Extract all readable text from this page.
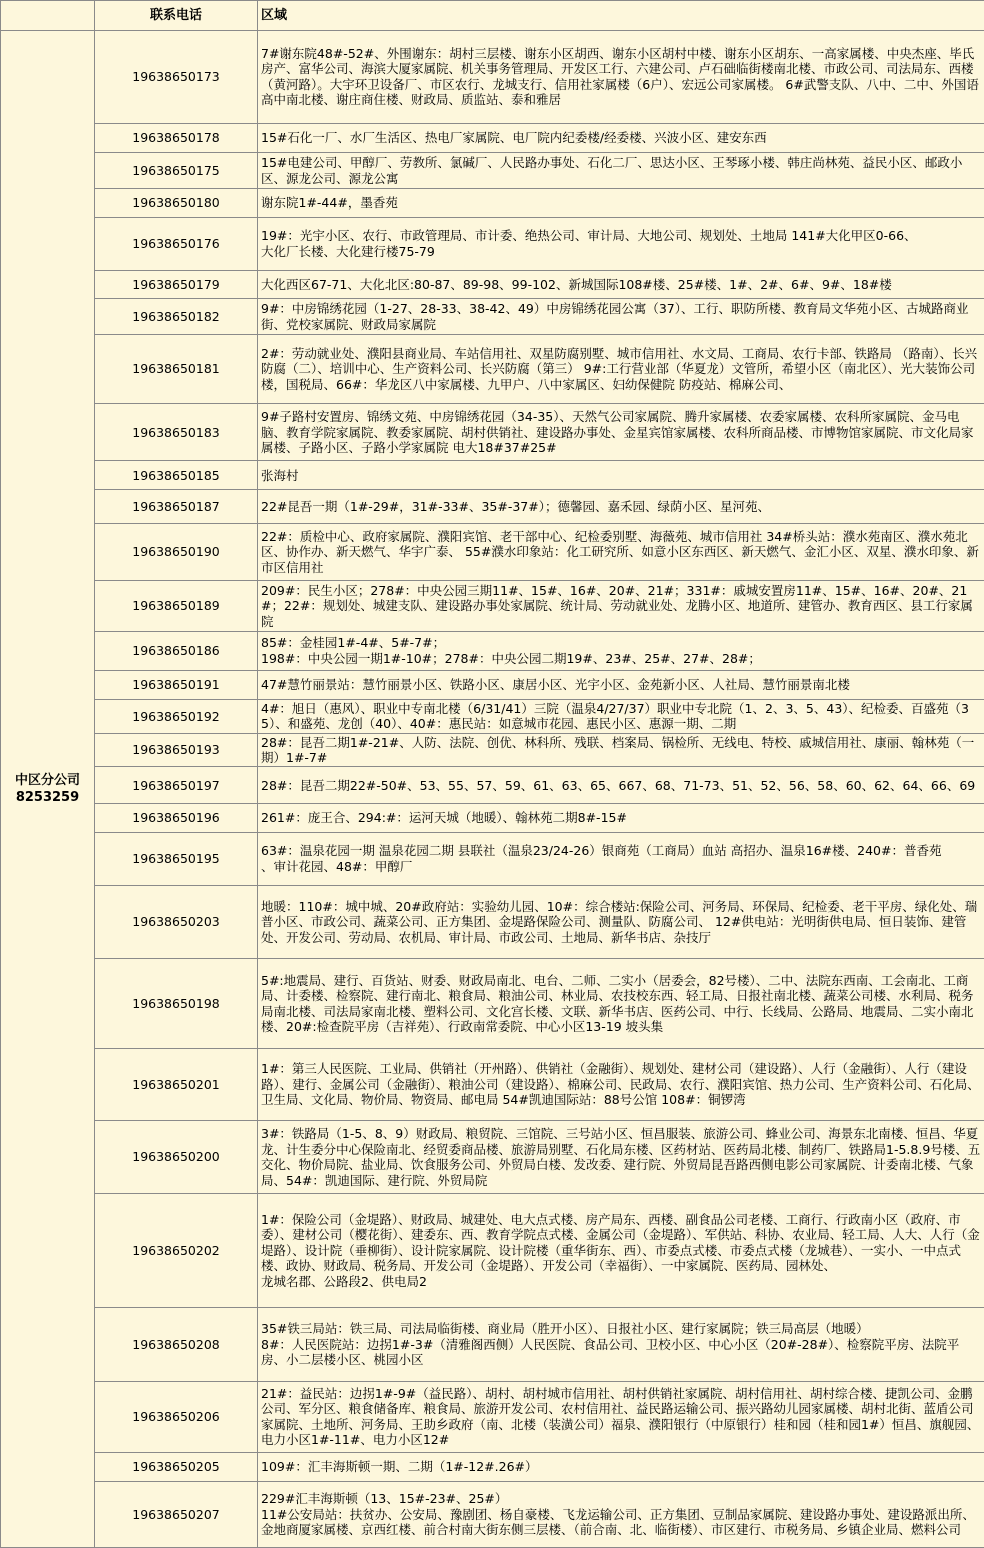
	联系电话	区域

中区分公司
8253259	19638650173	7#谢东院48#-52#、外围谢东：胡村三层楼、谢东小区胡西、谢东小区胡村中楼、谢东小区胡东、一高家属楼、中央杰座、毕氏房产、富华公司、海滨大厦家属院、机关事务管理局、开发区工行、六建公司、卢石础临街楼南北楼、市政公司、司法局东、西楼（黄河路）。大宇环卫设备厂、市区农行、龙城支行、信用社家属楼（6户）、宏远公司家属楼。 6#武警支队、八中、二中、外国语高中南北楼、谢庄商住楼、财政局、质监站、泰和雅居
	19638650178	15#石化一厂、水厂生活区、热电厂家属院、电厂院内纪委楼/经委楼、兴波小区、建安东西
	19638650175	15#电建公司、甲醇厂、劳教所、氯碱厂、人民路办事处、石化二厂、思达小区、王琴琢小楼、韩庄尚林苑、益民小区、邮政小区、源龙公司、源龙公寓
	19638650180	谢东院1#-44#，墨香苑
	19638650176	19#：光宇小区、农行、市政管理局、市计委、绝热公司、审计局、大地公司、规划处、土地局 141#大化甲区0-66、
大化厂长楼、大化建行楼75-79
	19638650179	大化西区67-71、大化北区:80-87、89-98、99-102、新城国际108#楼、25#楼、1#、2#、6#、9#、18#楼
	19638650182	9#：中房锦绣花园（1-27、28-33、38-42、49）中房锦绣花园公寓（37）、工行、职防所楼、教育局文华苑小区、古城路商业街、党校家属院、财政局家属院
	19638650181	2#：劳动就业处、濮阳县商业局、车站信用社、双星防腐别墅、城市信用社、水文局、工商局、农行卡部、铁路局 （路南）、长兴防腐（二）、培训中心、生产资料公司、长兴防腐（第三） 9#:工行营业部（华夏龙）文管所，希望小区（南北区）、光大装饰公司楼，国税局、66#：华龙区八中家属楼、九甲户、八中家属区、妇幼保健院 防疫站、棉麻公司、
	19638650183	9#子路村安置房、锦绣文苑、中房锦绣花园（34-35）、天然气公司家属院、腾升家属楼、农委家属楼、农科所家属院、金马电脑、教育学院家属院、教委家属院、胡村供销社、建设路办事处、金星宾馆家属楼、农科所商品楼、市博物馆家属院、市文化局家属楼、子路小区、子路小学家属院 电大18#37#25#
	19638650185	张海村
	19638650187	22#昆吾一期（1#-29#，31#-33#、35#-37#）；德馨园、嘉禾园、绿荫小区、星河苑、
	19638650190	22#：质检中心、政府家属院、濮阳宾馆、老干部中心、纪检委别墅、海薇苑、城市信用社 34#桥头站：濮水苑南区、濮水苑北区、协作办、新天燃气、华宇广泰、 55#濮水印象站：化工研究所、如意小区东西区、新天燃气、金汇小区、双星、濮水印象、新市区信用社
	19638650189	209#：民生小区；278#：中央公园三期11#、15#、16#、20#、21#；331#：戚城安置房11#、15#、16#、20#、21#；22#：规划处、城建支队、建设路办事处家属院、统计局、劳动就业处、龙腾小区、地道所、建管办、教育西区、县工行家属院
	19638650186	85#：金桂园1#-4#、5#-7#；
198#：中央公园一期1#-10#；278#：中央公园二期19#、23#、25#、27#、28#；
	19638650191	47#慧竹丽景站：慧竹丽景小区、铁路小区、康居小区、光宇小区、金苑新小区、人社局、慧竹丽景南北楼
	19638650192	4#：旭日（惠风）、职业中专南北楼（6/31/41）三院（温泉4/27/37）职业中专北院（1、2、3、5、43）、纪检委、百盛苑（35）、和盛苑、龙创（40）、40#：惠民站：如意城市花园、惠民小区、惠源一期、二期
	19638650193	28#：昆吾二期1#-21#、人防、法院、创优、林科所、残联、档案局、锅检所、无线电、特校、戚城信用社、康丽、翰林苑（一期）1#-7#
	19638650197	28#：昆吾二期22#-50#、53、55、57、59、61、63、65、667、68、71-73、51、52、56、58、60、62、64、66、69
	19638650196	261#：庞王合、294:#：运河天城（地暖）、翰林苑二期8#-15#
	19638650195	63#：温泉花园一期 温泉花园二期 县联社（温泉23/24-26）银商苑（工商局）血站 高招办、温泉16#楼、240#：普香苑
、审计花园、48#：甲醇厂
	19638650203	地暖：110#：城中城、20#政府站：实验幼儿园、10#：综合楼站:保险公司、河务局、环保局、纪检委、老干平房、绿化处、瑞普小区、市政公司、蔬菜公司、正方集团、金堤路保险公司、测量队、防腐公司、 12#供电站：光明街供电局、恒日装饰、建管处、开发公司、劳动局、农机局、审计局、市政公司、土地局、新华书店、杂技厅
	19638650198	5#:地震局、建行、百货站、财委、财政局南北、电台、二师、二实小（居委会，82号楼）、二中、法院东西南、工会南北、工商局、计委楼、检察院、建行南北、粮食局、粮油公司、林业局、农技校东西、轻工局、日报社南北楼、蔬菜公司楼、水利局、税务局南北楼、司法局家南北楼、塑料公司、文化宫长楼、文联、新华书店、医药公司、中行、长线局、公路局、地震局、二实小南北楼、20#:检查院平房（吉祥苑）、行政南常委院、中心小区13-19 坡头集
	19638650201	1#：第三人民医院、工业局、供销社（开州路）、供销社（金融街）、规划处、建材公司（建设路）、人行（金融街）、人行（建设路）、建行、金属公司（金融街）、粮油公司（建设路）、棉麻公司、民政局、农行、濮阳宾馆、热力公司、生产资料公司、石化局、卫生局、文化局、物价局、物资局、邮电局 54#凯迪国际站：88号公馆 108#：铜锣湾
	19638650200	3#：铁路局（1-5、8、9）财政局、粮贸院、三馆院、三号站小区、恒昌服装、旅游公司、蜂业公司、海景东北南楼、恒昌、华夏龙、计生委分中心保险南北、经贸委商品楼、旅游局别墅、石化局东楼、区药材站、医药局北楼、制药厂、铁路局1-5.8.9号楼、五交化、物价局院、盐业局、饮食服务公司、外贸局白楼、发改委、建行院、外贸局昆吾路西侧电影公司家属院、计委南北楼、气象局、54#：凯迪国际、建行院、外贸局院
	19638650202	1#：保险公司（金堤路）、财政局、城建处、电大点式楼、房产局东、西楼、副食品公司老楼、工商行、行政南小区（政府、市委）、建材公司（樱花街）、建委东、西、教育学院点式楼、金属公司（金堤路）、军供站、科协、农业局、轻工局、人大、人行（金堤路）、设计院（垂柳街）、设计院家属院、设计院楼（重华街东、西）、市委点式楼、市委点式楼（龙城巷）、一实小、一中点式楼、政协、财政局、税务局、开发公司（金堤路）、开发公司（幸福街）、一中家属院、医药局、园林处、
龙城名郡、公路段2、供电局2
	19638650208	35#铁三局站：铁三局、司法局临街楼、商业局（胜开小区）、日报社小区、建行家属院；铁三局高层（地暖）
8#：人民医院站：边拐1#-3#（清雅阁西侧）人民医院、食品公司、卫校小区、中心小区（20#-28#）、检察院平房、法院平房、小二层楼小区、桃园小区
	19638650206	21#：益民站：边拐1#-9#（益民路）、胡村、胡村城市信用社、胡村供销社家属院、胡村信用社、胡村综合楼、捷凯公司、金鹏公司、军分区、粮食储备库、粮食局、旅游开发公司、农村信用社、益民路运输公司、振兴路幼儿园家属楼、胡村北街、蓝盾公司家属院、土地所、河务局、王助乡政府（南、北楼（装潢公司）福泉、濮阳银行（中原银行）桂和园（桂和园1#）恒昌、旗舰园、电力小区1#-11#、电力小区12#
	19638650205	109#：汇丰海斯顿一期、二期（1#-12#.26#）
	19638650207	229#汇丰海斯顿（13、15#-23#、25#）
11#公安局站：扶贫办、公安局、豫剧团、杨自豪楼、飞龙运输公司、正方集团、豆制品家属院、建设路办事处、建设路派出所、金地商厦家属楼、京西红楼、前合村南大街东侧三层楼、（前合南、北、临街楼）、市区建行、市税务局、乡镇企业局、燃料公司
